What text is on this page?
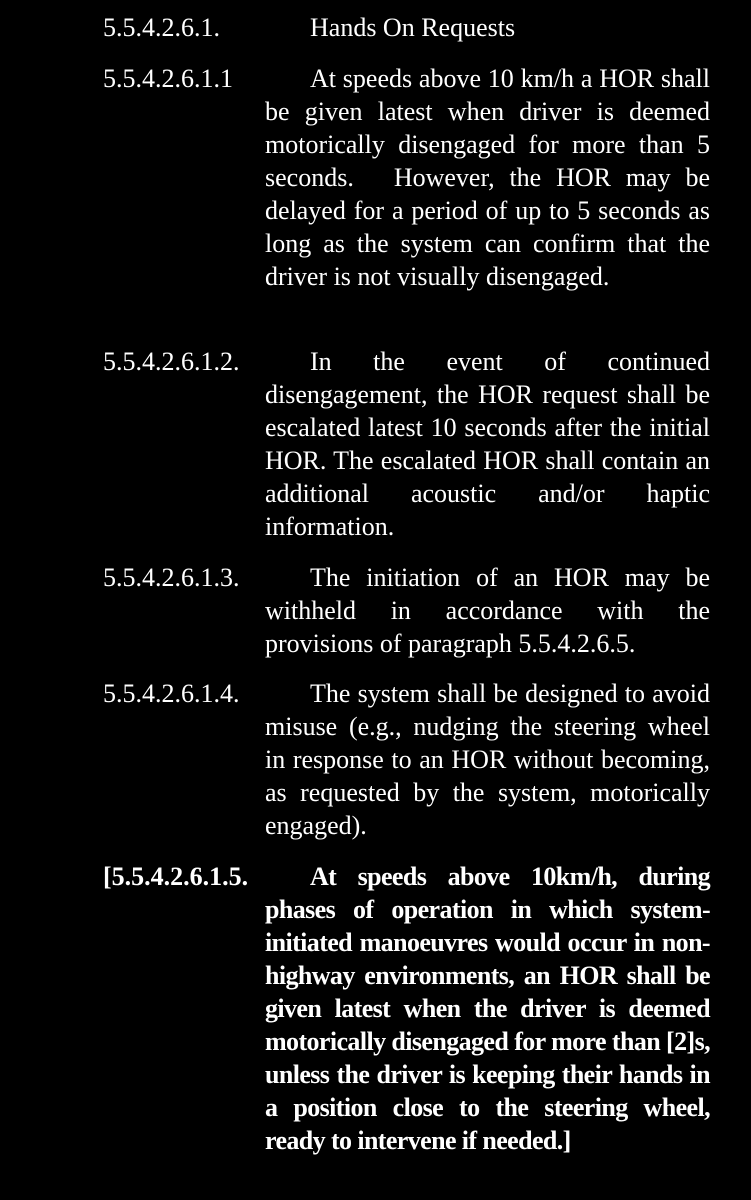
5.5.4.2.6.1.	Hands On Requests
5.5.4.2.6.1.1	At speeds above 10 km/h a HOR shall be given latest when driver is deemed motorically disengaged for more than 5 seconds. However, the HOR may be delayed for a period of up to 5 seconds as long as the system can confirm that the driver is not visually disengaged.
5.5.4.2.6.1.2.	In the event of continued disengagement, the HOR request shall be escalated latest 10 seconds after the initial HOR. The escalated HOR shall contain an additional acoustic and/or haptic information.
5.5.4.2.6.1.3.	The initiation of an HOR may be withheld in accordance with the provisions of paragraph 5.5.4.2.6.5.
5.5.4.2.6.1.4.	The system shall be designed to avoid misuse (e.g., nudging the steering wheel in response to an HOR without becoming, as requested by the system, motorically engaged).
[5.5.4.2.6.1.5. At speeds above 10km/h, during phases of operation in which system-initiated manoeuvres would occur in non-highway environments, an HOR shall be given latest when the driver is deemed motorically disengaged for more than [2]s, unless the driver is keeping their hands in a position close to the steering wheel, ready to intervene if needed.]
